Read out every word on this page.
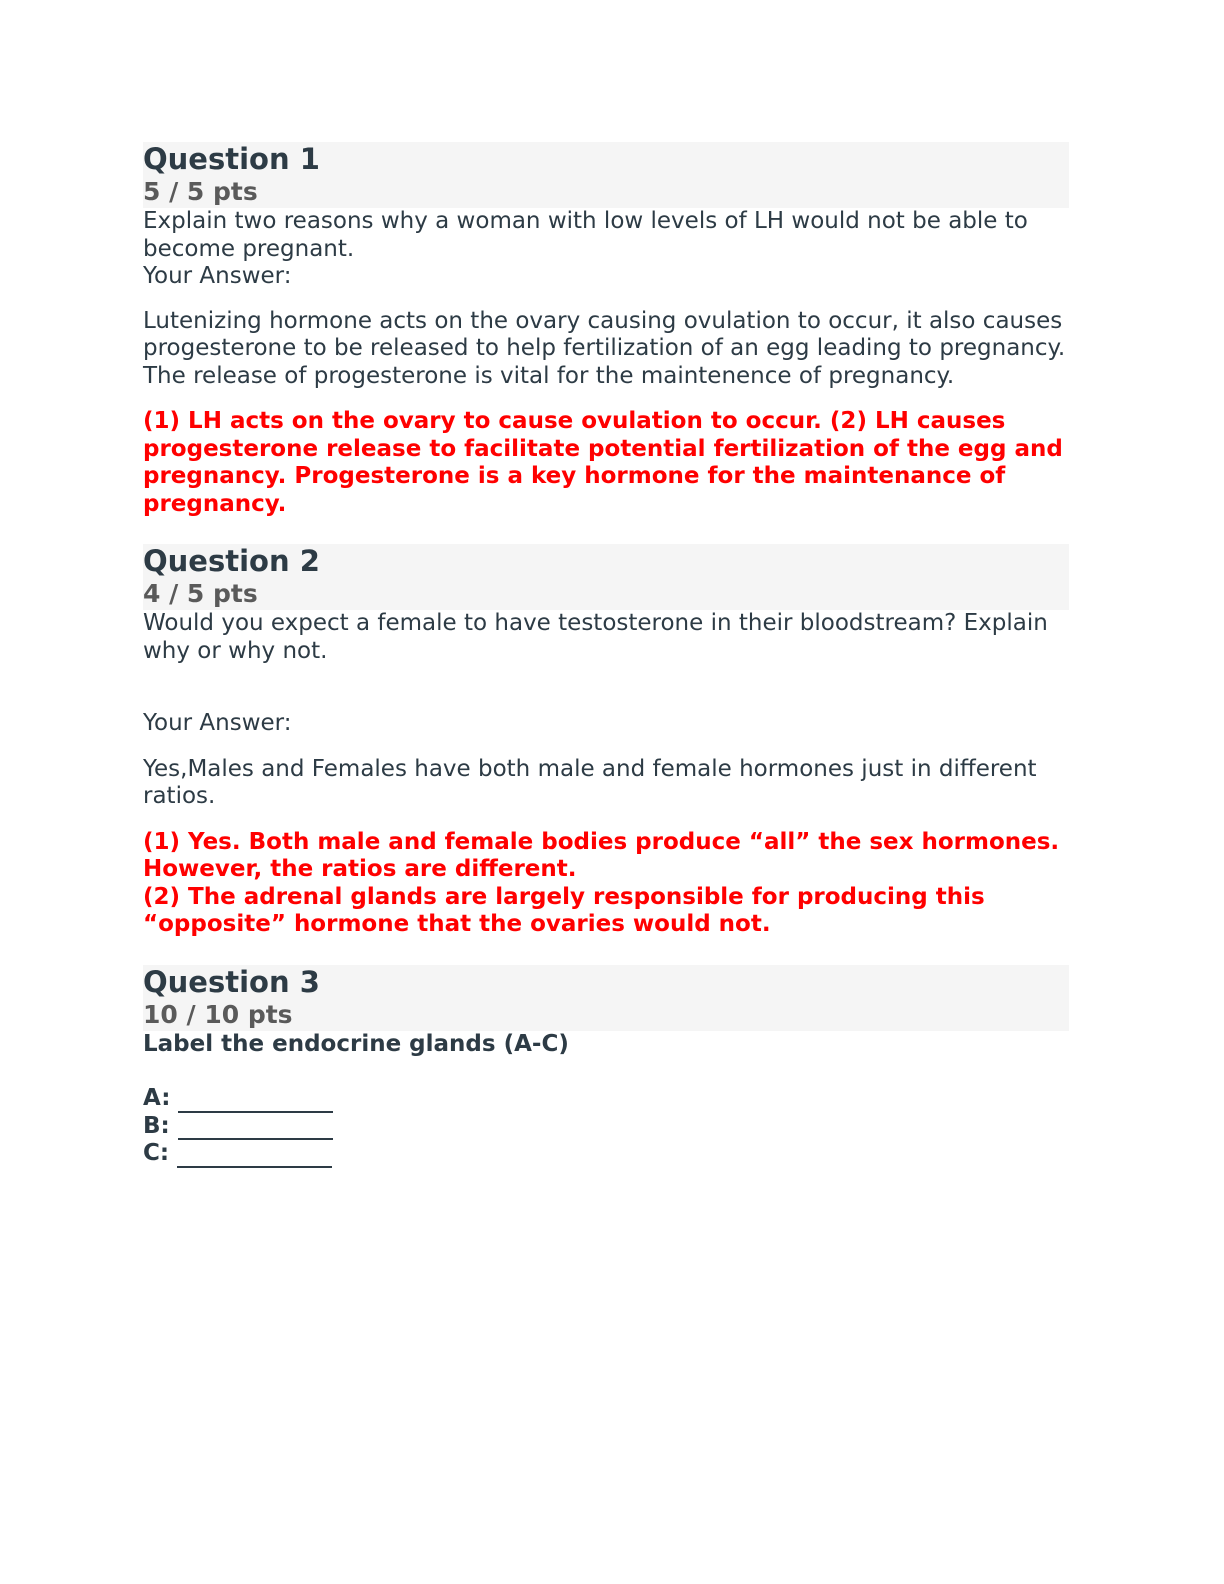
Question 1
5 / 5 pts

Explain two reasons why a woman with low levels of LH would not be able to become pregnant.

Your Answer:

Lutenizing hormone acts on the ovary causing ovulation to occur, it also causes progesterone to be released to help fertilization of an egg leading to pregnancy. The release of progesterone is vital for the maintenence of pregnancy.

(1) LH acts on the ovary to cause ovulation to occur. (2) LH causes progesterone release to facilitate potential fertilization of the egg and pregnancy. Progesterone is a key hormone for the maintenance of pregnancy.

Question 2
4 / 5 pts

Would you expect a female to have testosterone in their bloodstream? Explain why or why not.

Your Answer:

Yes,Males and Females have both male and female hormones just in different ratios.

(1) Yes. Both male and female bodies produce “all” the sex hormones. However, the ratios are different.

(2) The adrenal glands are largely responsible for producing this “opposite” hormone that the ovaries would not.

Question 3
10 / 10 pts

Label the endocrine glands (A-C)

A:
B:
C:
